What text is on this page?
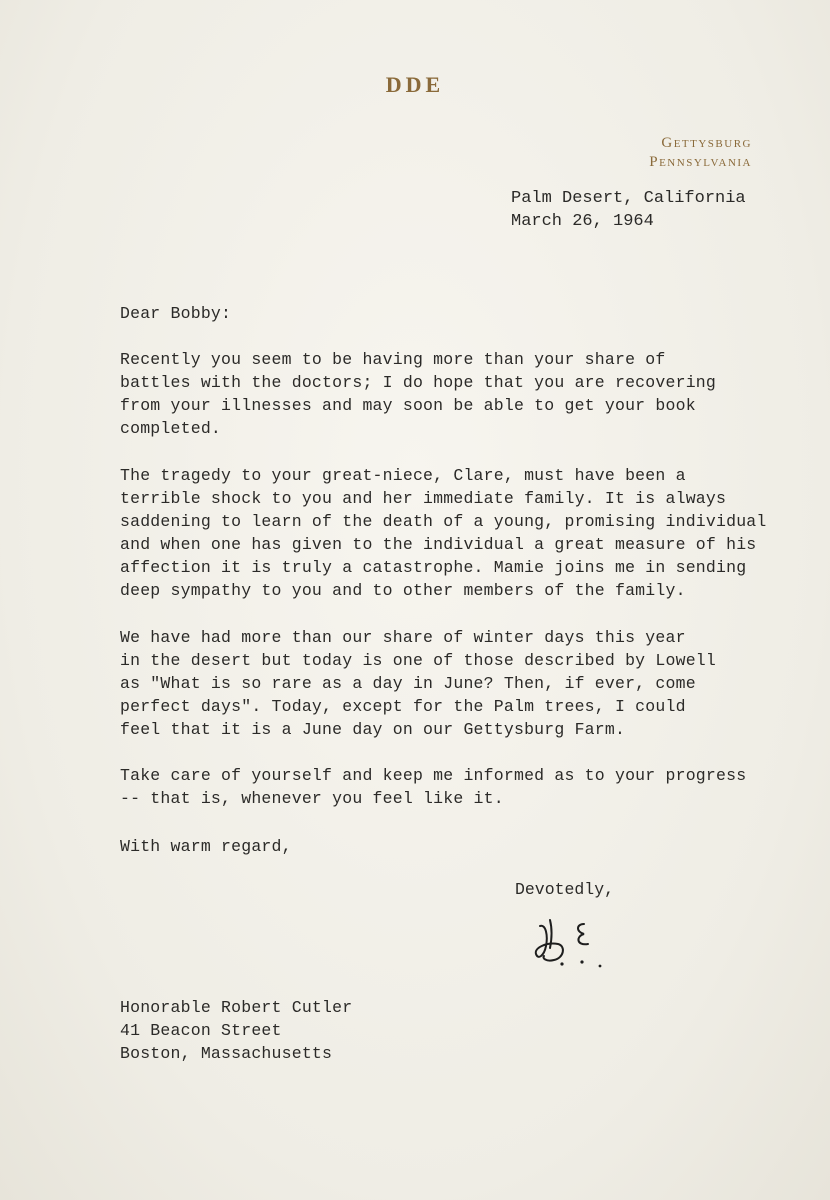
DDE
Gettysburg
Pennsylvania
Palm Desert, California
March 26, 1964
Dear Bobby:
Recently you seem to be having more than your share of
battles with the doctors; I do hope that you are recovering
from your illnesses and may soon be able to get your book
completed.
The tragedy to your great-niece, Clare, must have been a
terrible shock to you and her immediate family. It is always
saddening to learn of the death of a young, promising individual
and when one has given to the individual a great measure of his
affection it is truly a catastrophe. Mamie joins me in sending
deep sympathy to you and to other members of the family.
We have had more than our share of winter days this year
in the desert but today is one of those described by Lowell
as "What is so rare as a day in June? Then, if ever, come
perfect days". Today, except for the Palm trees, I could
feel that it is a June day on our Gettysburg Farm.
Take care of yourself and keep me informed as to your progress
-- that is, whenever you feel like it.
With warm regard,
Devotedly,
Honorable Robert Cutler
41 Beacon Street
Boston, Massachusetts
